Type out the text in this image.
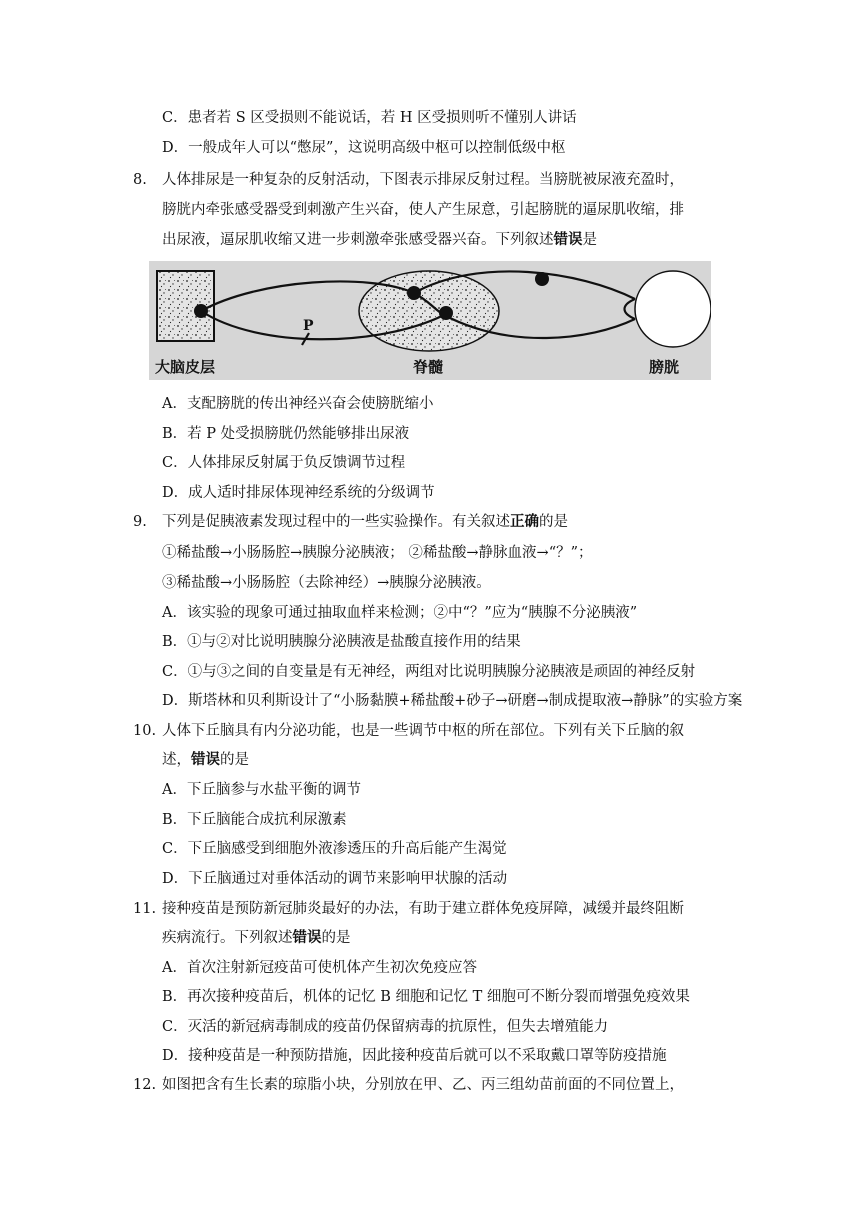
C．患者若 S 区受损则不能说话，若 H 区受损则听不懂别人讲话
D．一般成年人可以“憋尿”，这说明高级中枢可以控制低级中枢
8. 人体排尿是一种复杂的反射活动，下图表示排尿反射过程。当膀胱被尿液充盈时，
膀胱内牵张感受器受到刺激产生兴奋，使人产生尿意，引起膀胱的逼尿肌收缩，排
出尿液，逼尿肌收缩又进一步刺激牵张感受器兴奋。下列叙述错误是
P
大脑皮层	脊髓	膀胱
A．支配膀胱的传出神经兴奋会使膀胱缩小
B．若 P 处受损膀胱仍然能够排出尿液
C．人体排尿反射属于负反馈调节过程
D．成人适时排尿体现神经系统的分级调节
9. 下列是促胰液素发现过程中的一些实验操作。有关叙述正确的是
①稀盐酸→小肠肠腔→胰腺分泌胰液； ②稀盐酸→静脉血液→“？”；
③稀盐酸→小肠肠腔（去除神经）→胰腺分泌胰液。
A．该实验的现象可通过抽取血样来检测；②中“？”应为“胰腺不分泌胰液”
B．①与②对比说明胰腺分泌胰液是盐酸直接作用的结果
C．①与③之间的自变量是有无神经，两组对比说明胰腺分泌胰液是顽固的神经反射
D．斯塔林和贝利斯设计了“小肠黏膜+稀盐酸+砂子→研磨→制成提取液→静脉”的实验方案
10. 人体下丘脑具有内分泌功能，也是一些调节中枢的所在部位。下列有关下丘脑的叙
述，错误的是
A．下丘脑参与水盐平衡的调节
B．下丘脑能合成抗利尿激素
C．下丘脑感受到细胞外液渗透压的升高后能产生渴觉
D．下丘脑通过对垂体活动的调节来影响甲状腺的活动
11. 接种疫苗是预防新冠肺炎最好的办法，有助于建立群体免疫屏障，减缓并最终阻断
疾病流行。下列叙述错误的是
A．首次注射新冠疫苗可使机体产生初次免疫应答
B．再次接种疫苗后，机体的记忆 B 细胞和记忆 T 细胞可不断分裂而增强免疫效果
C．灭活的新冠病毒制成的疫苗仍保留病毒的抗原性，但失去增殖能力
D．接种疫苗是一种预防措施，因此接种疫苗后就可以不采取戴口罩等防疫措施
12. 如图把含有生长素的琼脂小块，分别放在甲、乙、丙三组幼苗前面的不同位置上，
